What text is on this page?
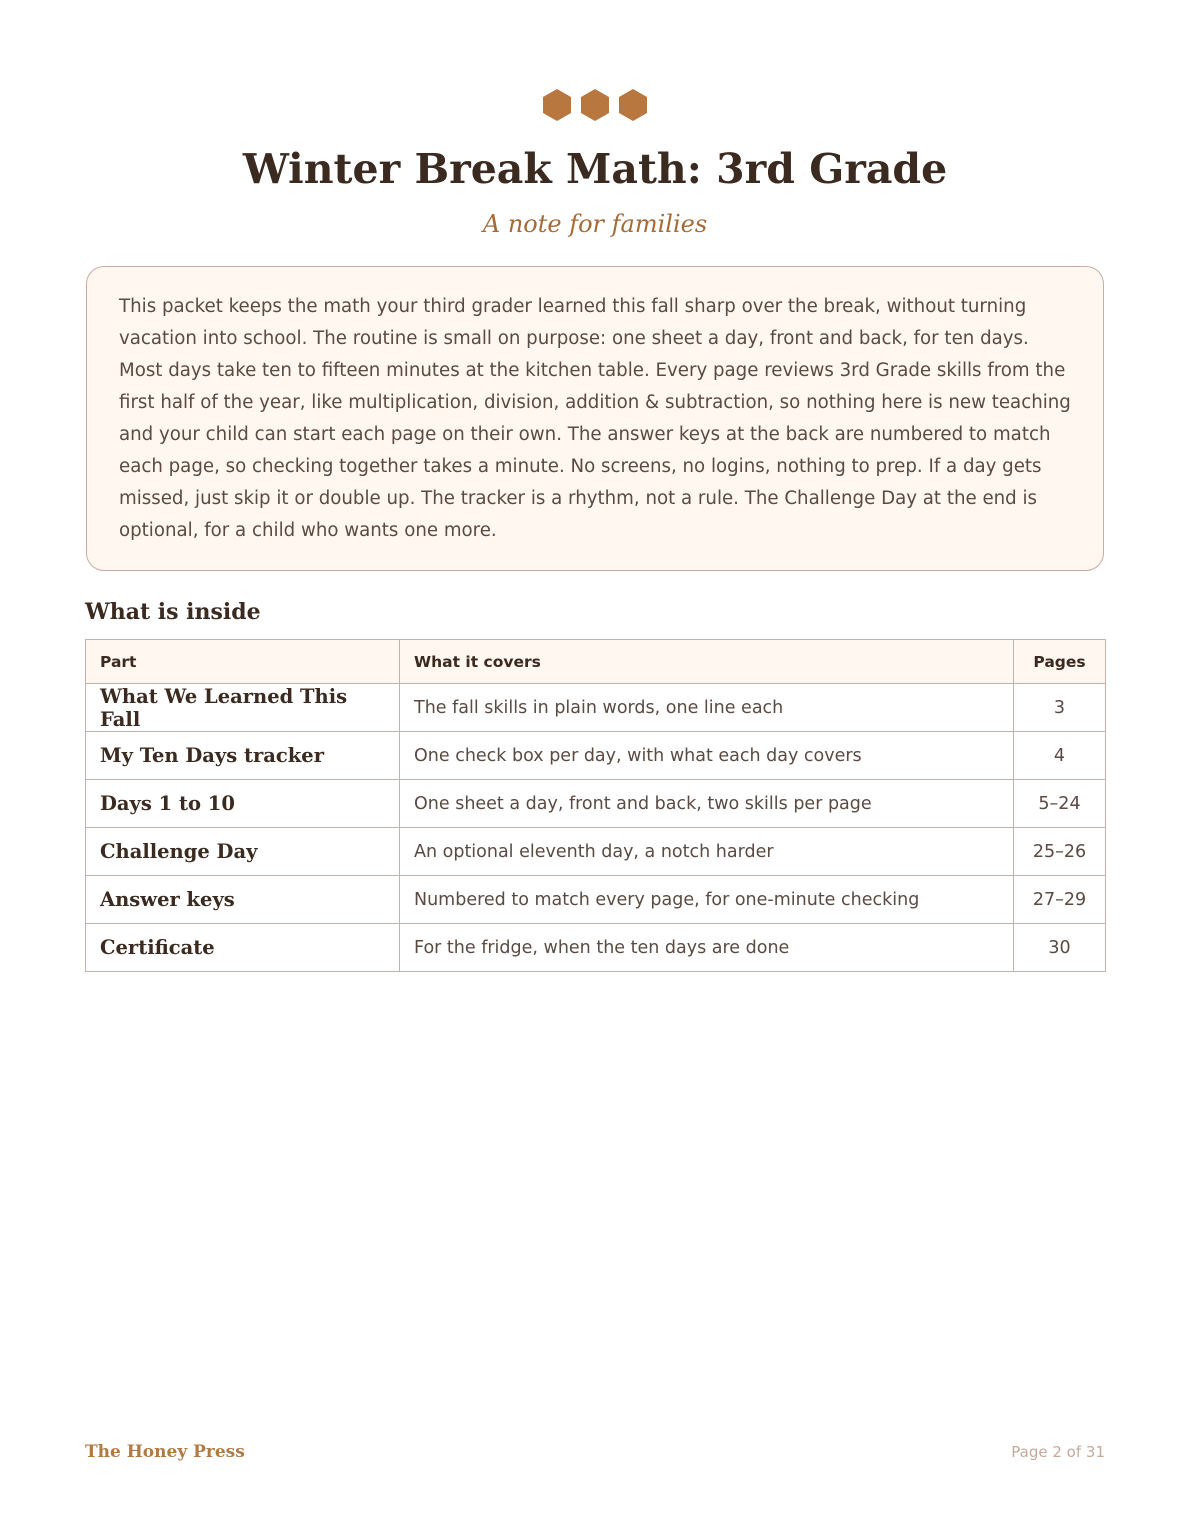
Winter Break Math: 3rd Grade
A note for families

This packet keeps the math your third grader learned this fall sharp over the break, without turning vacation into school. The routine is small on purpose: one sheet a day, front and back, for ten days. Most days take ten to fifteen minutes at the kitchen table. Every page reviews 3rd Grade skills from the first half of the year, like multiplication, division, addition & subtraction, so nothing here is new teaching and your child can start each page on their own. The answer keys at the back are numbered to match each page, so checking together takes a minute. No screens, no logins, nothing to prep. If a day gets missed, just skip it or double up. The tracker is a rhythm, not a rule. The Challenge Day at the end is optional, for a child who wants one more.

What is inside
Part	What it covers	Pages
What We Learned This Fall	The fall skills in plain words, one line each	3
My Ten Days tracker	One check box per day, with what each day covers	4
Days 1 to 10	One sheet a day, front and back, two skills per page	5–24
Challenge Day	An optional eleventh day, a notch harder	25–26
Answer keys	Numbered to match every page, for one-minute checking	27–29
Certificate	For the fridge, when the ten days are done	30
The Honey Press	Page 2 of 31
